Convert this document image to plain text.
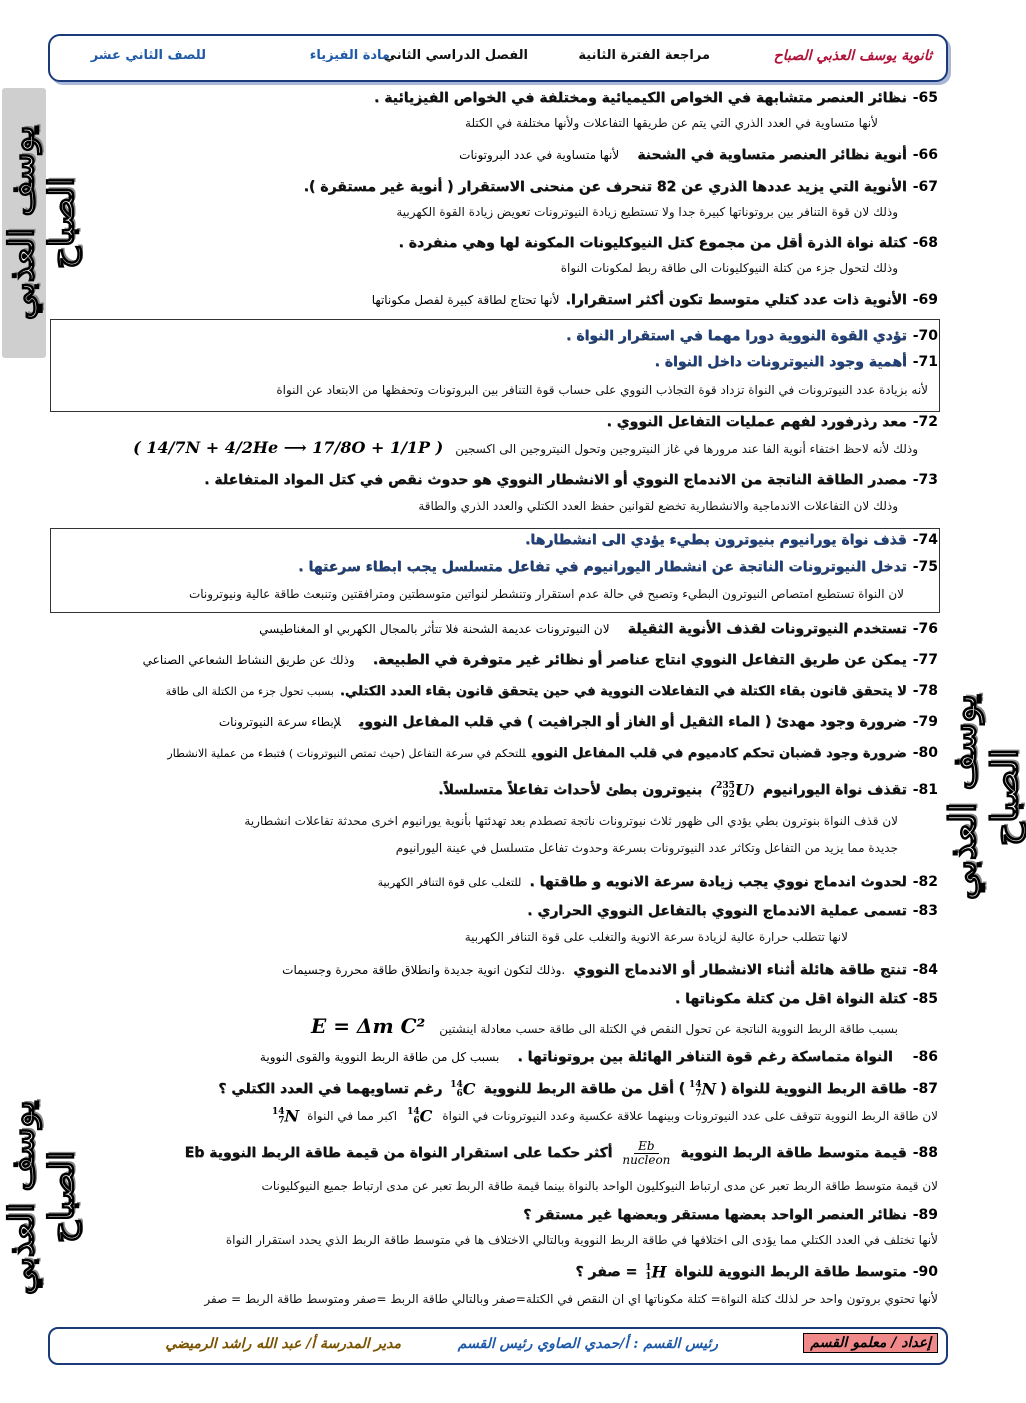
ثانوية يوسف العذبي الصباح
مراجعة الفترة الثانية
الفصل الدراسي الثاني
مادة الفيزياء
للصف الثاني عشر
يوسف العذبي الصباح
يوسف العذبي الصباح
يوسف العذبي الصباح
65-نظائر العنصر متشابهة في الخواص الكيميائية ومختلفة في الخواص الفيزيائية .
لأنها متساوية في العدد الذري التي يتم عن طريقها التفاعلات ولأنها مختلفة في الكتلة
66-أنوية نظائر العنصر متساوية في الشحنةلأنها متساوية في عدد البروتونات
67-الأنوية التي يزيد عددها الذري عن 82 تنحرف عن منحنى الاستقرار ( أنوية غير مستقرة ).
وذلك لان قوة التنافر بين بروتوناتها كبيرة جدا ولا تستطيع زيادة النيوترونات تعويض زيادة القوة الكهربية
68-كتلة نواة الذرة أقل من مجموع كتل النيوكليونات المكونة لها وهي منفردة .
وذلك لتحول جزء من كتلة النيوكليونات الى طاقة ربط لمكونات النواة
69-الأنوية ذات عدد كتلي متوسط تكون أكثر استقرارا.لأنها تحتاج لطاقة كبيرة لفصل مكوناتها
70-تؤدي القوة النووية دورا مهما في استقرار النواة .
71-أهمية وجود النيوترونات داخل النواة .
لأنه بزيادة عدد النيوترونات في النواة تزداد قوة التجاذب النووي على حساب قوة التنافر بين البروتونات وتحفظها من الابتعاد عن النواة
72-معد رذرفورد لفهم عمليات التفاعل النووي .
وذلك لأنه لاحظ اختفاء أنوية الفا عند مرورها في غاز النيتروجين وتحول النيتروجين الى اكسجين ( 14/7N + 4/2He ⟶ 17/8O + 1/1P )
73-مصدر الطاقة الناتجة من الاندماج النووي أو الانشطار النووي هو حدوث نقص في كتل المواد المتفاعلة .
وذلك لان التفاعلات الاندماجية والانشطارية تخضع لقوانين حفظ العدد الكتلي والعدد الذري والطاقة
74-قذف نواة يورانيوم بنيوترون بطيء يؤدي الى انشطارها.
75-تدخل النيوترونات الناتجة عن انشطار اليورانيوم في تفاعل متسلسل يجب ابطاء سرعتها .
لان النواة تستطيع امتصاص النيوترون البطيء وتصبح في حالة عدم استقرار وتنشطر لنواتين متوسطتين ومترافقتين وتنبعث طاقة عالية ونيوترونات
76-تستخدم النيوترونات لقذف الأنوية الثقيلةلان النيوترونات عديمة الشحنة فلا تتأثر بالمجال الكهربي او المغناطيسي
77-يمكن عن طريق التفاعل النووي انتاج عناصر أو نظائر غير متوفرة في الطبيعة.وذلك عن طريق النشاط الشعاعي الصناعي
78-لا يتحقق قانون بقاء الكتلة في التفاعلات النووية في حين يتحقق قانون بقاء العدد الكتلي.بسبب تحول جزء من الكتلة الى طاقة
79-ضرورة وجود مهدئ ( الماء الثقيل أو الغاز أو الجرافيت ) في قلب المفاعل النوويلإبطاء سرعة النيوترونات
80-ضرورة وجود قضبان تحكم كادميوم في قلب المفاعل النوويللتحكم في سرعة التفاعل (حيث تمتص النيوترونات ) فتبطء من عملية الانشطار
81-تقذف نواة اليورانيوم ( 235
92 U) بنيوترون بطئ لأحداث تفاعلاً متسلسلاً.
لان قذف النواة بنوترون بطي يؤدي الى ظهور ثلاث نيوترونات ناتجة تصطدم بعد تهدئتها بأنوية يورانيوم اخرى محدثة تفاعلات انشطارية
جديدة مما يزيد من التفاعل وتكاثر عدد النيوترونات بسرعة وحدوث تفاعل متسلسل في عينة اليورانيوم
82-لحدوث اندماج نووي يجب زيادة سرعة الانويه و طاقتها .للتغلب على قوة التنافر الكهربية
83-تسمى عملية الاندماج النووي بالتفاعل النووي الحراري .
لانها تتطلب حرارة عالية لزيادة سرعة الانوية والتغلب على قوة التنافر الكهربية
84-تنتج طاقة هائلة أثناء الانشطار أو الاندماج النووي.وذلك لتكون انوية جديدة وانطلاق طاقة محررة وجسيمات
85-كتلة النواة اقل من كتلة مكوناتها .
بسبب طاقة الربط النووية الناتجة عن تحول النقص في الكتلة الى طاقة حسب معادلة اينشتين E = Δm C²
86-النواة متماسكة رغم قوة التنافر الهائلة بين بروتوناتها .بسبب كل من طاقة الربط النووية والقوى النووية
87-طاقة الربط النووية للنواة (
14
7 N ) أقل من طاقة الربط للنووية
14
6 C رغم تساويهما في العدد الكتلي ؟
لان طاقة الربط النووية تتوقف على عدد النيوترونات وبينهما علاقة عكسية وعدد النيوترونات في النواة
14
6 C اكبر مما في النواة
14
7 N
88-قيمة متوسط طاقة الربط النووية
$\frac{Eb}{\text{nucleon}}$
أكثر حكما على استقرار النواة من قيمة طاقة الربط النووية Eb
لان قيمة متوسط طاقة الربط تعبر عن مدى ارتباط النيوكليون الواحد بالنواة بينما قيمة طاقة الربط تعبر عن مدى ارتباط جميع النيوكليونات
89-نظائر العنصر الواحد بعضها مستقر وبعضها غير مستقر ؟
لأنها تختلف في العدد الكتلي مما يؤدى الى اختلافها في طاقة الربط النووية وبالتالي الاختلاف ها في متوسط طاقة الربط الذي يحدد استقرار النواة
90-متوسط طاقة الربط النووية للنواة
1
1 H = صفر ؟
لأنها تحتوي بروتون واحد حر لذلك كتلة النواة= كتلة مكوناتها اي ان النقص في الكتلة=صفر وبالتالي طاقة الربط =صفر ومتوسط طاقة الربط = صفر
إعداد / معلمو القسم
رئيس القسم : أ/حمدي الصاوي رئيس القسم
مدير المدرسة أ/ عبد الله راشد الرميضي
